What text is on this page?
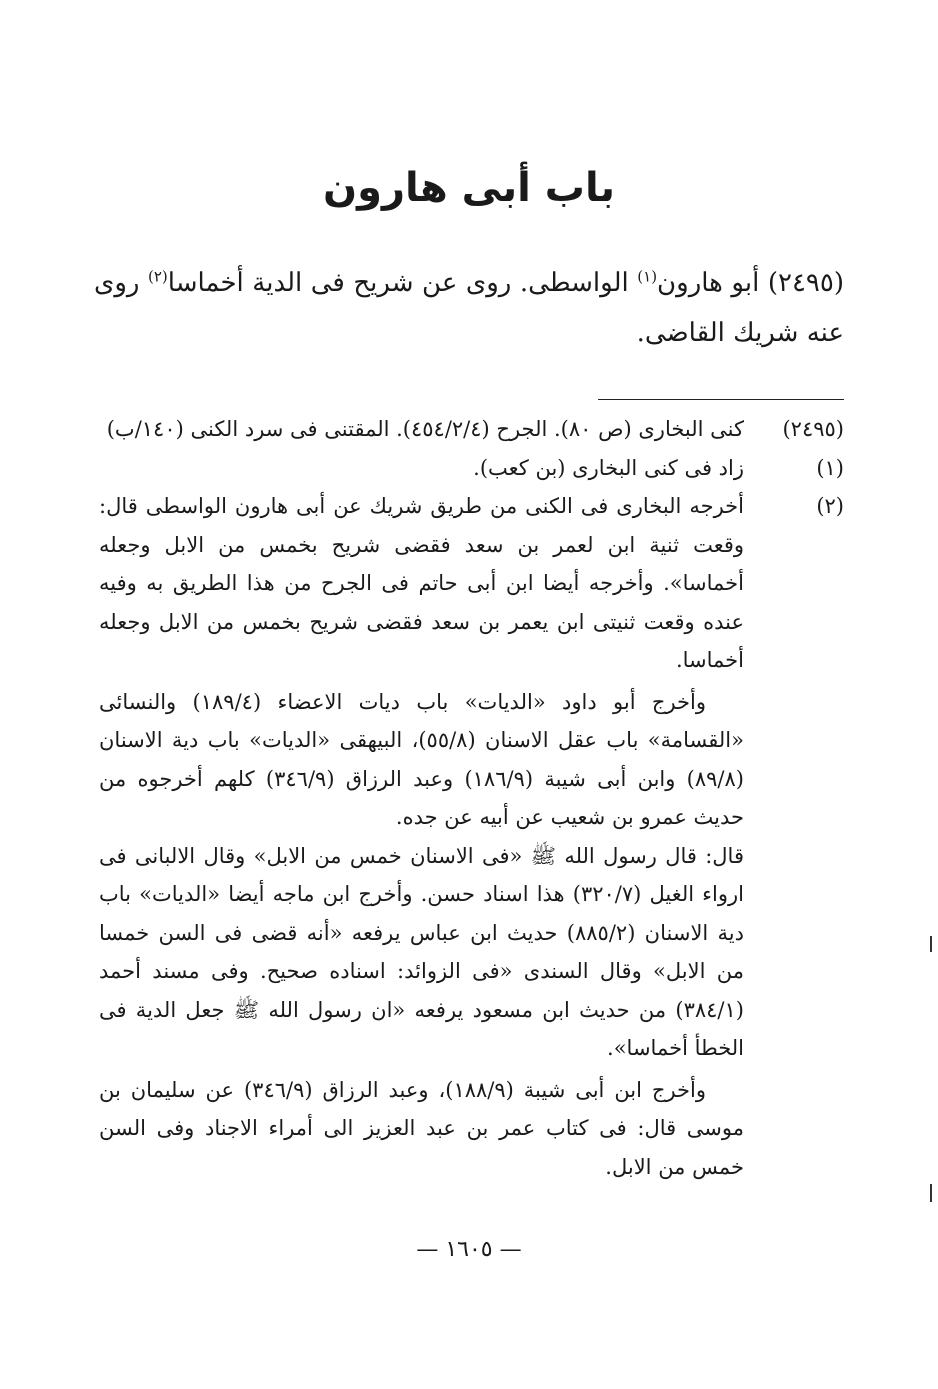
باب أبى هارون

(٢٤٩٥) أبو هارون$^{(١)}$ الواسطى. روى عن شريح فى الدية أخماسا$^{(٢)}$ روى عنه شريك القاضى.

(٢٤٩٥)
كنى البخارى (ص ٨٠). الجرح (٤٥٤/٢/٤). المقتنى فى سرد الكنى (١٤٠/ب)
(١)
زاد فى كنى البخارى (بن كعب).
(٢)

أخرجه البخارى فى الكنى من طريق شريك عن أبى هارون الواسطى قال: وقعت ثنية ابن لعمر بن سعد فقضى شريح بخمس من الابل وجعله أخماسا». وأخرجه أيضا ابن أبى حاتم فى الجرح من هذا الطريق به وفيه عنده وقعت ثنيتى ابن يعمر بن سعد فقضى شريح بخمس من الابل وجعله أخماسا.

وأخرج أبو داود «الديات» باب ديات الاعضاء (١٨٩/٤) والنسائى «القسامة» باب عقل الاسنان (٥٥/٨)، البيهقى «الديات» باب دية الاسنان (٨٩/٨) وابن أبى شيبة (١٨٦/٩) وعبد الرزاق (٣٤٦/٩) كلهم أخرجوه من حديث عمرو بن شعيب عن أبيه عن جده.

قال: قال رسول الله ﷺ «فى الاسنان خمس من الابل» وقال الالبانى فى ارواء الغيل (٣٢٠/٧) هذا اسناد حسن. وأخرج ابن ماجه أيضا «الديات» باب دية الاسنان (٨٨٥/٢) حديث ابن عباس يرفعه «أنه قضى فى السن خمسا من الابل» وقال السندى «فى الزوائد: اسناده صحيح. وفى مسند أحمد (٣٨٤/١) من حديث ابن مسعود يرفعه «ان رسول الله ﷺ جعل الدية فى الخطأ أخماسا».

وأخرج ابن أبى شيبة (١٨٨/٩)، وعبد الرزاق (٣٤٦/٩) عن سليمان بن موسى قال: فى كتاب عمر بن عبد العزيز الى أمراء الاجناد وفى السن خمس من الابل.

— ١٦٠٥ —
